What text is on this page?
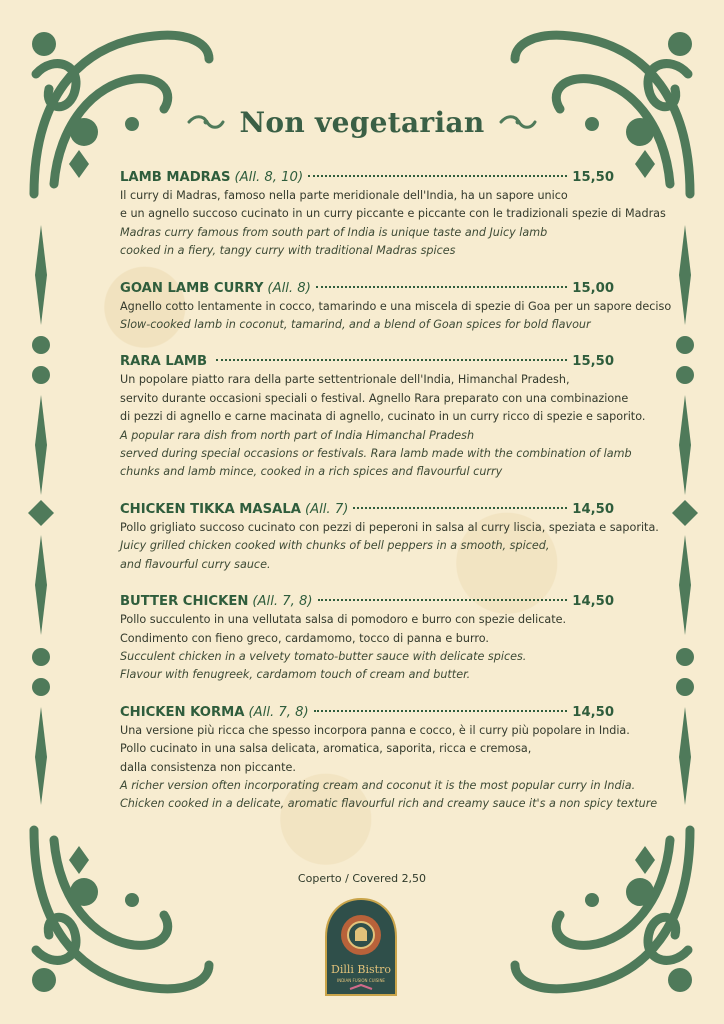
Non vegetarian
LAMB MADRAS (All. 8, 10)	15,50
Il curry di Madras, famoso nella parte meridionale dell'India, ha un sapore unico
e un agnello succoso cucinato in un curry piccante e piccante con le tradizionali spezie di Madras
Madras curry famous from south part of India is unique taste and Juicy lamb
cooked in a fiery, tangy curry with traditional Madras spices
GOAN LAMB CURRY (All. 8)	15,00
Agnello cotto lentamente in cocco, tamarindo e una miscela di spezie di Goa per un sapore deciso
Slow-cooked lamb in coconut, tamarind, and a blend of Goan spices for bold flavour
RARA LAMB	15,50
Un popolare piatto rara della parte settentrionale dell'India, Himanchal Pradesh,
servito durante occasioni speciali o festival. Agnello Rara preparato con una combinazione
di pezzi di agnello e carne macinata di agnello, cucinato in un curry ricco di spezie e saporito.
A popular rara dish from north part of India Himanchal Pradesh
served during special occasions or festivals. Rara lamb made with the combination of lamb
chunks and lamb mince, cooked in a rich spices and flavourful curry
CHICKEN TIKKA MASALA (All. 7)	14,50
Pollo grigliato succoso cucinato con pezzi di peperoni in salsa al curry liscia, speziata e saporita.
Juicy grilled chicken cooked with chunks of bell peppers in a smooth, spiced,
and flavourful curry sauce.
BUTTER CHICKEN (All. 7, 8)	14,50
Pollo succulento in una vellutata salsa di pomodoro e burro con spezie delicate.
Condimento con fieno greco, cardamomo, tocco di panna e burro.
Succulent chicken in a velvety tomato-butter sauce with delicate spices.
Flavour with fenugreek, cardamom touch of cream and butter.
CHICKEN KORMA (All. 7, 8)	14,50
Una versione più ricca che spesso incorpora panna e cocco, è il curry più popolare in India.
Pollo cucinato in una salsa delicata, aromatica, saporita, ricca e cremosa,
dalla consistenza non piccante.
A richer version often incorporating cream and coconut it is the most popular curry in India.
Chicken cooked in a delicate, aromatic flavourful rich and creamy sauce it's a non spicy texture
Coperto / Covered 2,50
Dilli Bistro
INDIAN FUSION CUISINE
